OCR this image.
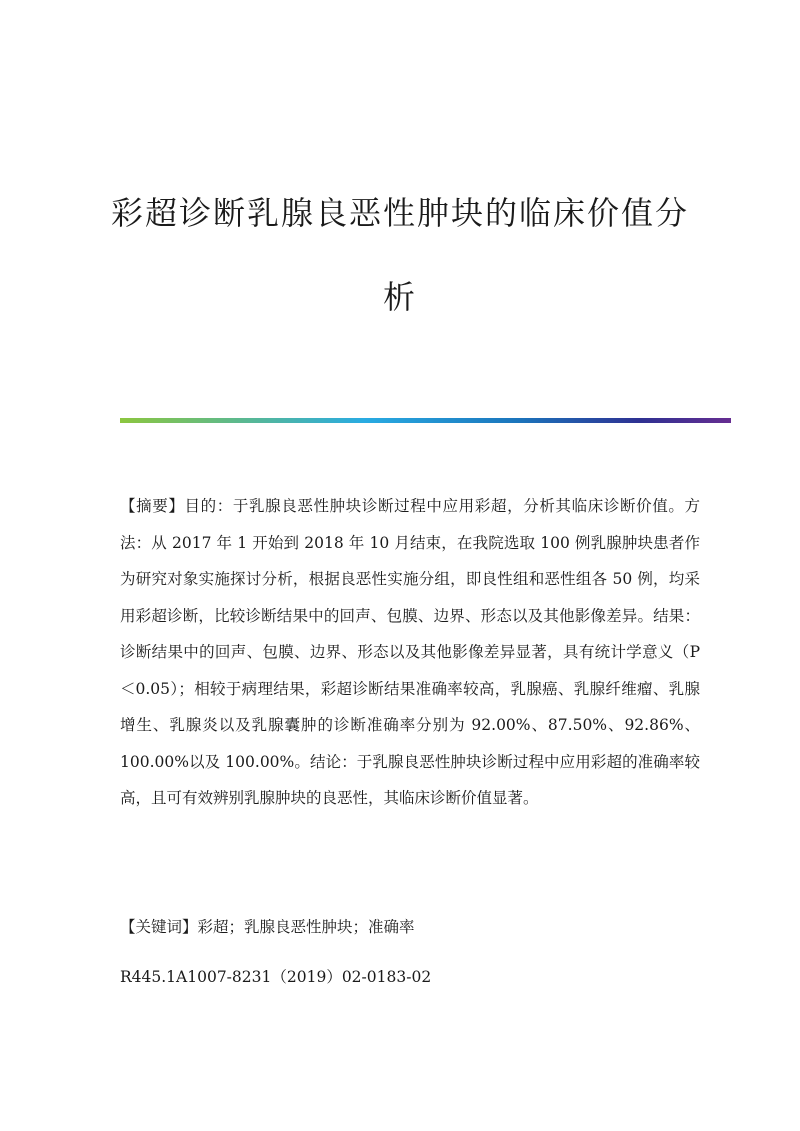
彩超诊断乳腺良恶性肿块的临床价值分
析

【摘要】目的：于乳腺良恶性肿块诊断过程中应用彩超，分析其临床诊断价值。方法：从 2017 年 1 开始到 2018 年 10 月结束，在我院选取 100 例乳腺肿块患者作为研究对象实施探讨分析，根据良恶性实施分组，即良性组和恶性组各 50 例，均采用彩超诊断，比较诊断结果中的回声、包膜、边界、形态以及其他影像差异。结果：诊断结果中的回声、包膜、边界、形态以及其他影像差异显著，具有统计学意义（P＜0.05）；相较于病理结果，彩超诊断结果准确率较高，乳腺癌、乳腺纤维瘤、乳腺增生、乳腺炎以及乳腺囊肿的诊断准确率分别为 92.00%、87.50%、92.86%、100.00%以及 100.00%。结论：于乳腺良恶性肿块诊断过程中应用彩超的准确率较高，且可有效辨别乳腺肿块的良恶性，其临床诊断价值显著。

【关键词】彩超；乳腺良恶性肿块；准确率

R445.1A1007-8231（2019）02-0183-02
